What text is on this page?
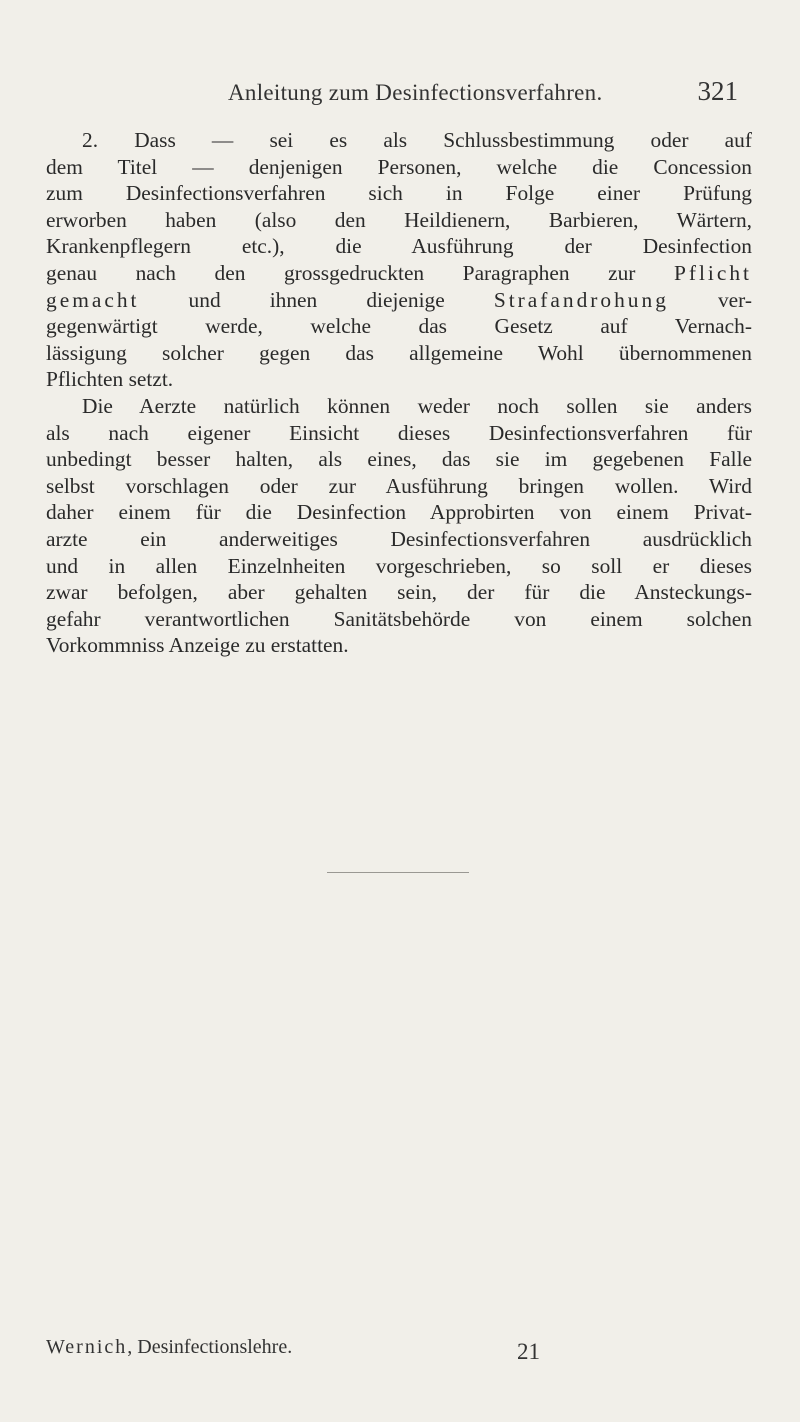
Anleitung zum Desinfectionsverfahren.	321
2. Dass — sei es als Schlussbestimmung oder auf
dem Titel — denjenigen Personen, welche die Concession
zum Desinfectionsverfahren sich in Folge einer Prüfung
erworben haben (also den Heildienern, Barbieren, Wärtern,
Krankenpflegern etc.), die Ausführung der Desinfection
genau nach den grossgedruckten Paragraphen zur Pflicht
gemacht und ihnen diejenige Strafandrohung ver-
gegenwärtigt werde, welche das Gesetz auf Vernach-
lässigung solcher gegen das allgemeine Wohl übernommenen
Pflichten setzt.
Die Aerzte natürlich können weder noch sollen sie anders
als nach eigener Einsicht dieses Desinfectionsverfahren für
unbedingt besser halten, als eines, das sie im gegebenen Falle
selbst vorschlagen oder zur Ausführung bringen wollen. Wird
daher einem für die Desinfection Approbirten von einem Privat-
arzte ein anderweitiges Desinfectionsverfahren ausdrücklich
und in allen Einzelnheiten vorgeschrieben, so soll er dieses
zwar befolgen, aber gehalten sein, der für die Ansteckungs-
gefahr verantwortlichen Sanitätsbehörde von einem solchen
Vorkommniss Anzeige zu erstatten.
Wernich, Desinfectionslehre.	21
